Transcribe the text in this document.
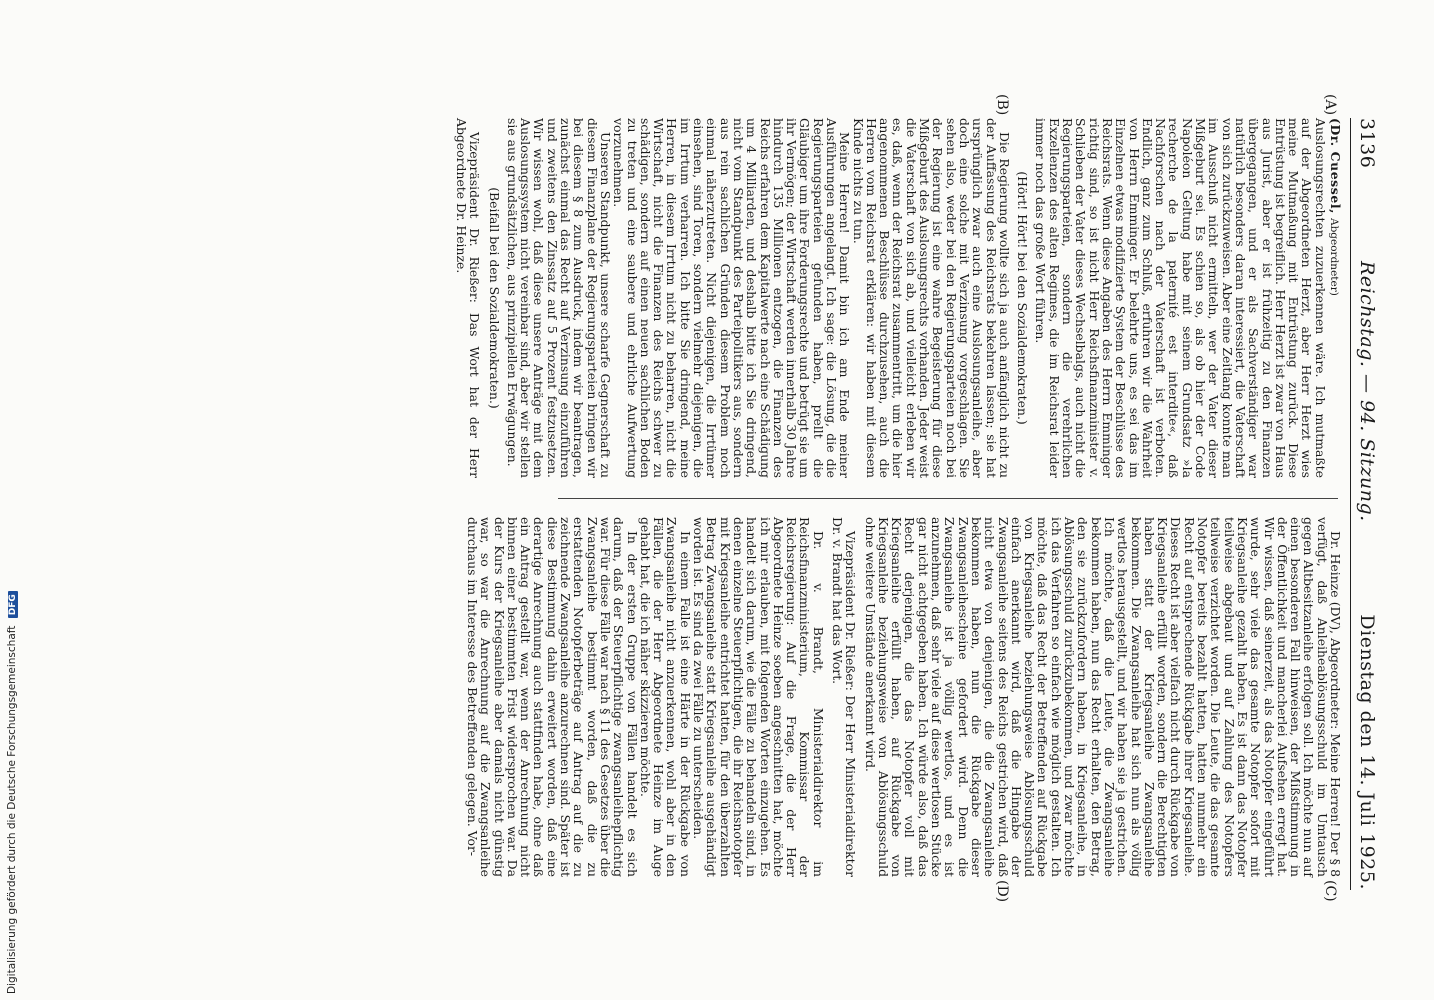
3136
Reichstag. — 94. Sitzung.
Dienstag den 14. Juli 1925.
(A)
(B)
(C)
(D)

(Dr. Cuessel, Abgeordneter)

Auslosungsrechten zuzuerkennen wäre. Ich mutmaßte auf der Abgeordneten Herzt, aber Herr Herzt wies meine Mutmaßung mit Entrüstung zurück. Diese Entrüstung ist begreiflich. Herr Herzt ist zwar von Haus aus Jurist, aber er ist frühzeitig zu den Finanzen übergegangen, und er als Sachverständiger war natürlich besonders daran interessiert, die Vaterschaft von sich zurückzuweisen. Aber eine Zeitlang konnte man im Ausschuß nicht ermitteln, wer der Vater dieser Mißgeburt sei. Es schien so, als ob hier der Code Napoléon Geltung habe mit seinem Grundsatz »la recherche de la paternité est interdite«, daß Nachforschen nach der Vaterschaft ist verboten. Endlich, ganz zum Schluß, erfuhren wir die Wahrheit von Herrn Emminger. Er belehrte uns, es sei das im Einzelnen etwas modifizierte System der Beschlüsse des Reichsrats. Wenn diese Angaben des Herrn Emminger richtig sind, so ist nicht Herr Reichsfinanzminister v. Schlieben der Vater dieses Wechselbalgs, auch nicht die Regierungsparteien, sondern die verehrlichen Exzellenzen des alten Regimes, die im Reichsrat leider immer noch das große Wort führen.

(Hört! Hört! bei den Sozialdemokraten.)

Die Regierung wollte sich ja auch anfänglich nicht zu der Auffassung des Reichsrats bekehren lassen; sie hat ursprünglich zwar auch eine Auslosungsanleihe, aber doch eine solche mit Verzinsung vorgeschlagen. Sie sehen also, weder bei den Regierungsparteien noch bei der Regierung ist eine wahre Begeisterung für diese Mißgeburt des Auslosungsrechts vorhanden. Jeder weist die Vaterschaft von sich ab, und vielleicht erleben wir es, daß, wenn der Reichsrat zusammentritt, um die hier angenommenen Beschlüsse durchzusehen, auch die Herren vom Reichsrat erklären: wir haben mit diesem Kinde nichts zu tun.

Meine Herren! Damit bin ich am Ende meiner Ausführungen angelangt. Ich sage: die Lösung, die die Regierungsparteien gefunden haben, prellt die Gläubiger um ihre Forderungsrechte und betrügt sie um ihr Vermögen; der Wirtschaft werden innerhalb 30 Jahre hindurch 135 Millionen entzogen, die Finanzen des Reichs erfahren dem Kapitalwerte nach eine Schädigung um 4 Milliarden, und deshalb bitte ich Sie dringend, nicht vom Standpunkt des Parteipolitikers aus, sondern aus rein sachlichen Gründen diesem Problem noch einmal näherzutreten. Nicht diejenigen, die Irrtümer einsehen, sind Toren, sondern vielmehr diejenigen, die im Irrtum verharren. Ich bitte Sie dringend, meine Herren, in diesem Irrtum nicht zu beharren, nicht die Wirtschaft, nicht die Finanzen des Reichs schwer zu schädigen, sondern auf einen neuen sachlichen Boden zu treten und eine saubere und ehrliche Aufwertung vorzunehmen.

Unseren Standpunkt, unsere scharfe Gegnerschaft zu diesem Finanzplane der Regierungsparteien bringen wir bei diesem § 8 zum Ausdruck, indem wir beantragen, zunächst einmal das Recht auf Verzinsung einzuführen und zweitens den Zinssatz auf 5 Prozent festzusetzen. Wir wissen wohl, daß diese unsere Anträge mit dem Auslosungssystem nicht vereinbar sind, aber wir stellen sie aus grundsätzlichen, aus prinzipiellen Erwägungen.

(Beifall bei den Sozialdemokraten.)

Vizepräsident Dr. Rießer: Das Wort hat der Herr Abgeordnete Dr. Heinze.

Dr. Heinze (DV), Abgeordneter: Meine Herren! Der § 8 verfügt, daß Anleiheablösungsschuld im Umtausch gegen Altbesitzanleihe erfolgen soll. Ich möchte nun auf einen besonderen Fall hinweisen, der Mißstimmung in der Öffentlichkeit und mancherlei Aufsehen erregt hat. Wir wissen, daß seinerzeit, als das Notopfer eingeführt wurde, sehr viele das gesamte Notopfer sofort mit Kriegsanleihe gezahlt haben. Es ist dann das Notopfer teilweise abgebaut und auf Zahlung des Notopfers teilweise verzichtet worden. Die Leute, die das gesamte Notopfer bereits bezahlt hatten, hatten nunmehr ein Recht auf entsprechende Rückgabe ihrer Kriegsanleihe. Dieses Recht ist aber vielfach nicht durch Rückgabe von Kriegsanleihe erfüllt worden, sondern die Berechtigten haben statt der Kriegsanleihe Zwangsanleihe bekommen. Die Zwangsanleihe hat sich nun als völlig wertlos herausgestellt, und wir haben sie ja gestrichen. Ich möchte, daß die Leute, die Zwangsanleihe bekommen haben, nun das Recht erhalten, den Betrag, den sie zurückzufordern haben, in Kriegsanleihe, in Ablösungsschuld zurückzubekommen, und zwar möchte ich das Verfahren so einfach wie möglich gestalten. Ich möchte, daß das Recht der Betreffenden auf Rückgabe von Kriegsanleihe beziehungsweise Ablösungsschuld einfach anerkannt wird, daß die Hingabe der Zwangsanleihe seitens des Reichs gestrichen wird, daß nicht etwa von denjenigen, die die Zwangsanleihe bekommen haben, nun die Rückgabe dieser Zwangsanleihescheine gefordert wird. Denn die Zwangsanleihe ist ja völlig wertlos, und es ist anzunehmen, daß sehr viele auf diese wertlosen Stücke gar nicht achtgegeben haben. Ich würde also, daß das Recht derjenigen, die das Notopfer voll mit Kriegsanleihe erfüllt haben, auf Rückgabe von Kriegsanleihe beziehungsweise von Ablösungsschuld ohne weitere Umstände anerkannt wird.

Vizepräsident Dr. Rießer: Der Herr Ministerialdirektor Dr. v. Brandt hat das Wort.

Dr. v. Brandt, Ministerialdirektor im Reichsfinanzministerium, Kommissar der Reichsregierung: Auf die Frage, die der Herr Abgeordnete Heinze soeben angeschnitten hat, möchte ich mir erlauben, mit folgenden Worten einzugehen. Es handelt sich darum, wie die Fälle zu behandeln sind, in denen einzelne Steuerpflichtigen, die ihr Reichsnotopfer mit Kriegsanleihe entrichtet hatten, für den überzahlten Betrag Zwangsanleihe statt Kriegsanleihe ausgehändigt worden ist. Es sind da zwei Fälle zu unterscheiden.

In einem Falle ist eine Härte in der Rückgabe von Zwangsanleihe nicht anzuerkennen, wohl aber in den Fällen, die der Herr Abgeordnete Heinze im Auge gehabt hat, die ich näher skizzieren möchte.

In der ersten Gruppe von Fällen handelt es sich darum, daß der Steuerpflichtige zwangsanleihepflichtig war. Für diese Fälle war nach § 11 des Gesetzes über die Zwangsanleihe bestimmt worden, daß die zu erstattenden Notopferbeträge auf Antrag auf die zu zeichnende Zwangsanleihe anzurechnen sind. Später ist diese Bestimmung dahin erweitert worden, daß eine derartige Anrechnung auch stattfinden habe, ohne daß ein Antrag gestellt war, wenn der Anrechnung nicht binnen einer bestimmten Frist widersprochen war. Da der Kurs der Kriegsanleihe aber damals nicht günstig war, so war die Anrechnung auf die Zwangsanleihe durchaus im Interesse des Betreffenden gelegen. Vor-

Digitalisierung gefördert durch die Deutsche Forschungsgemeinschaft DFG
